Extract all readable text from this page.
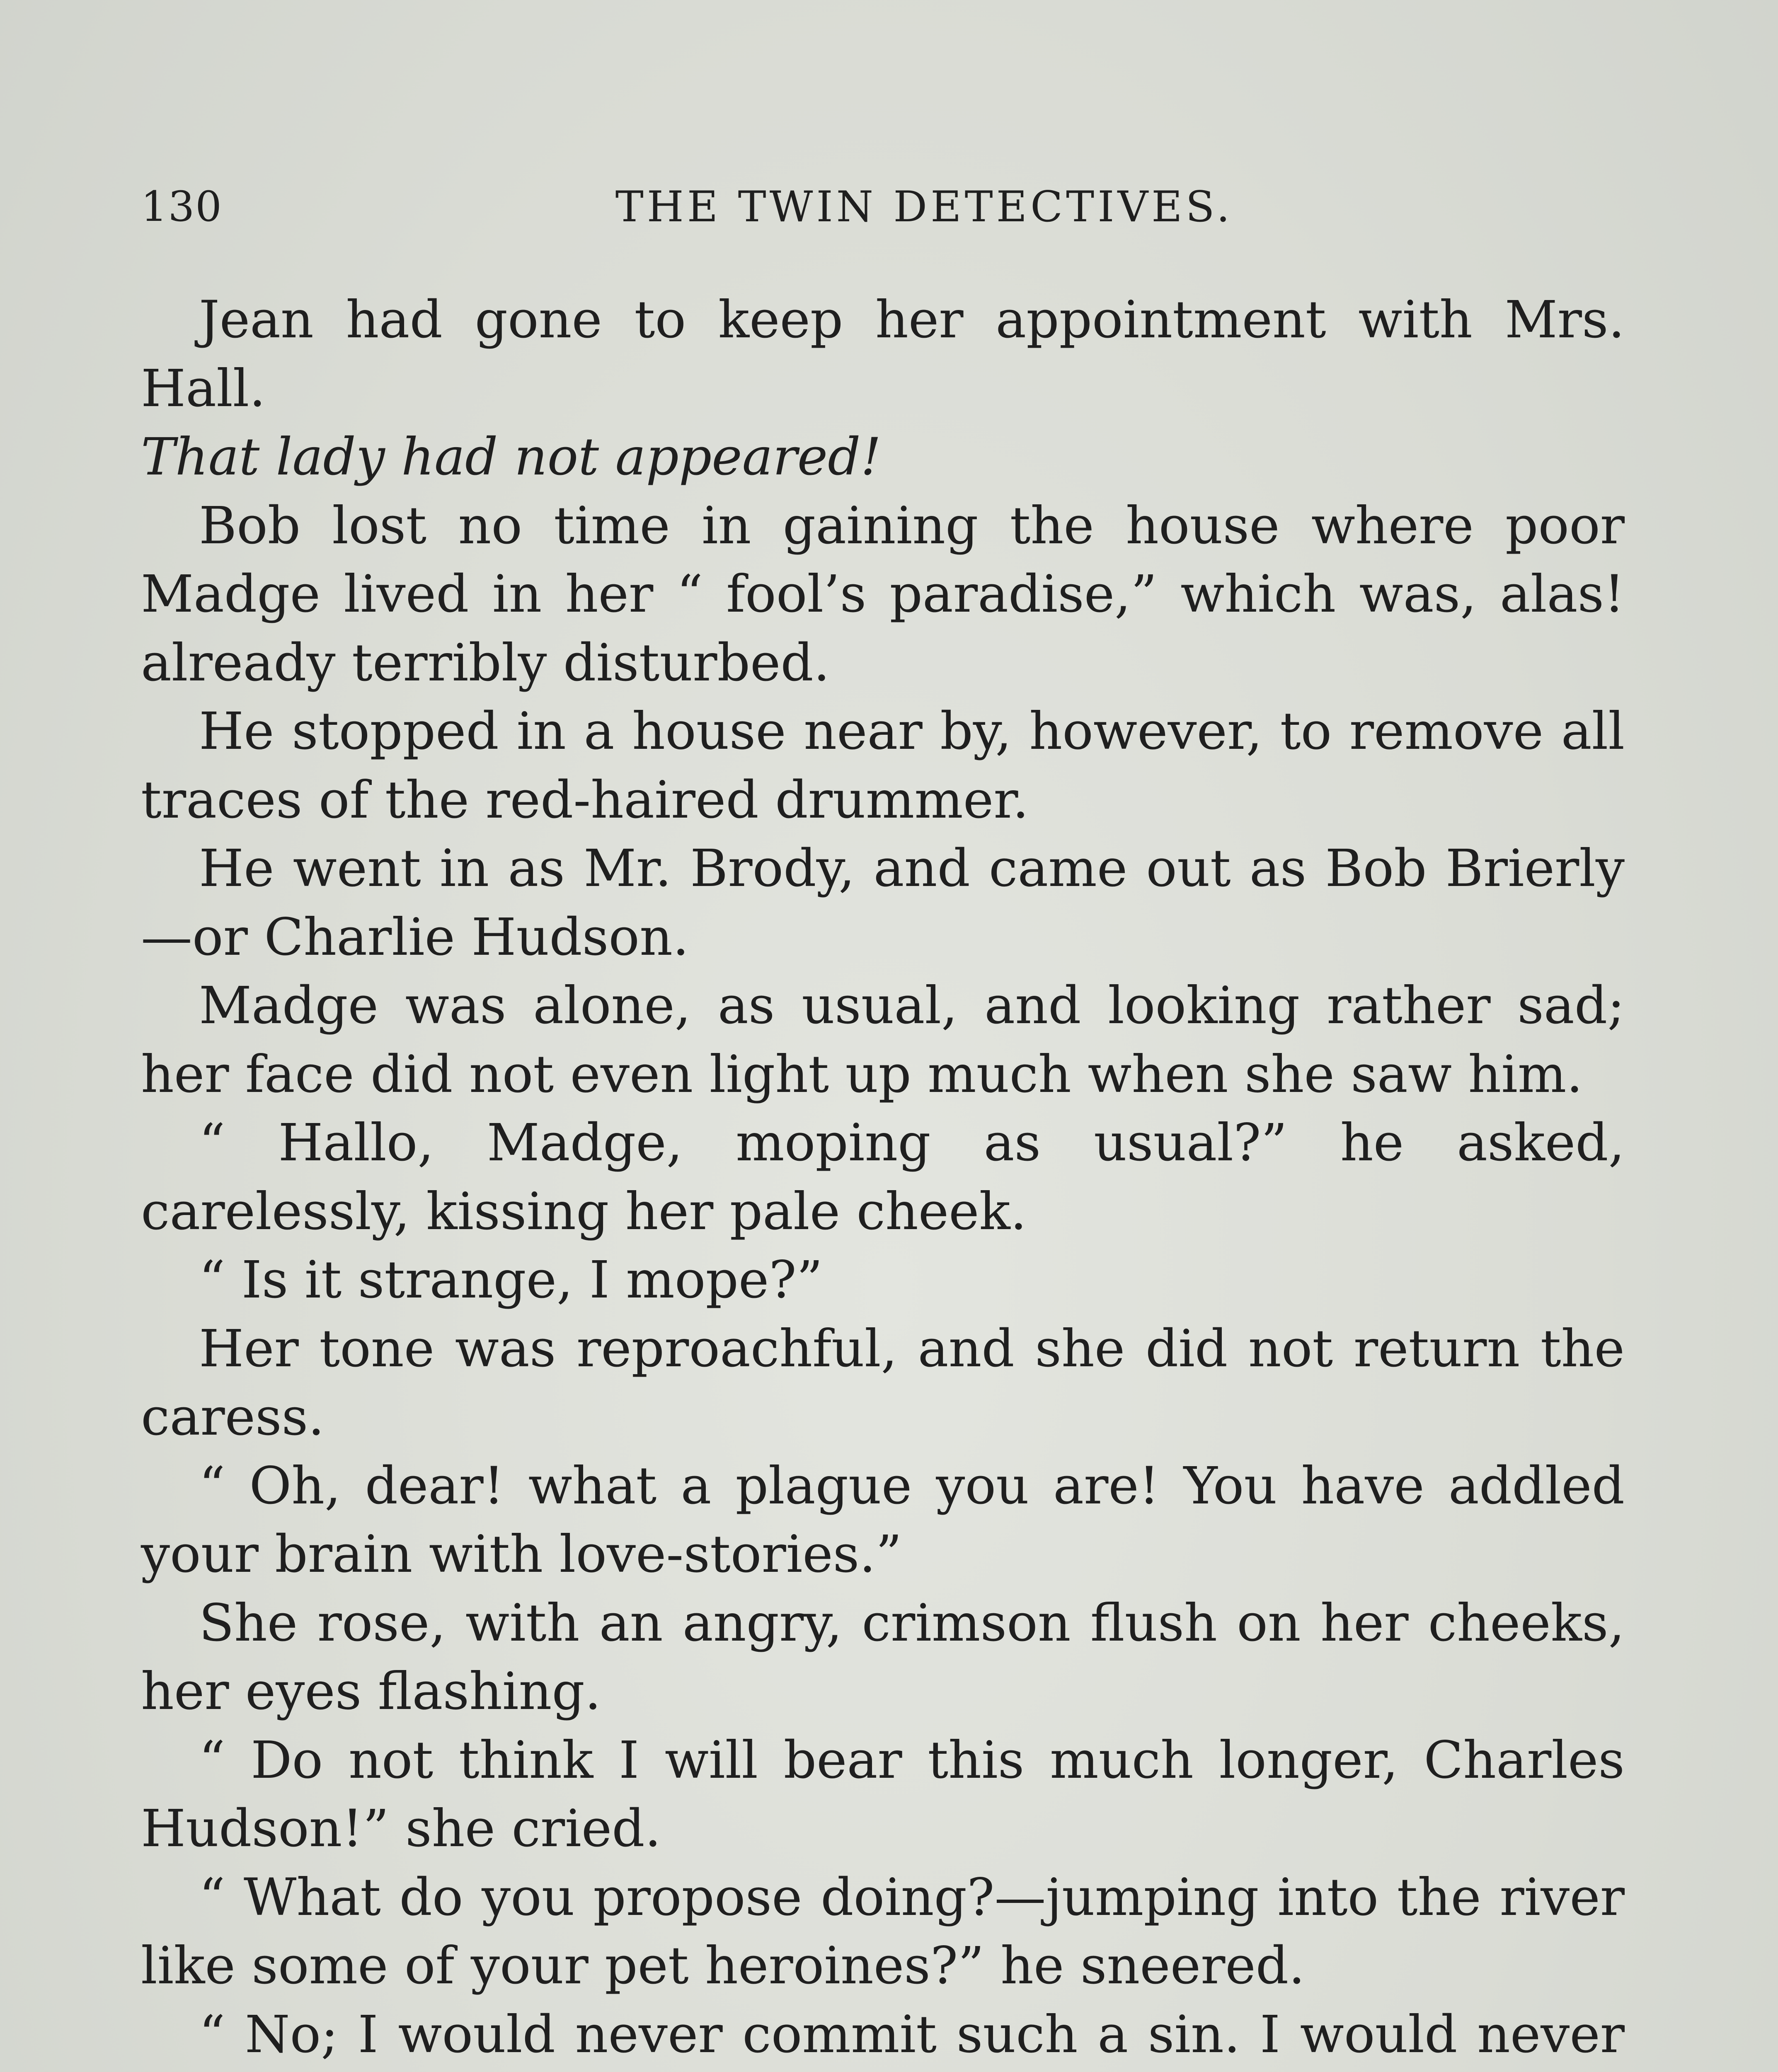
130	THE TWIN DETECTIVES.

Jean had gone to keep her appointment with Mrs. Hall.

That lady had not appeared!

Bob lost no time in gaining the house where poor Madge lived in her “ fool’s paradise,” which was, alas! already terribly disturbed.

He stopped in a house near by, however, to remove all traces of the red-haired drummer.

He went in as Mr. Brody, and came out as Bob Brierly—or Charlie Hudson.

Madge was alone, as usual, and looking rather sad; her face did not even light up much when she saw him.

“ Hallo, Madge, moping as usual?” he asked, carelessly, kissing her pale cheek.

“ Is it strange, I mope?”

Her tone was reproachful, and she did not return the caress.

“ Oh, dear! what a plague you are! You have addled your brain with love-stories.”

She rose, with an angry, crimson flush on her cheeks, her eyes flashing.

“ Do not think I will bear this much longer, Charles Hudson!” she cried.

“ What do you propose doing?—jumping into the river like some of your pet heroines?” he sneered.

“ No; I would never commit such a sin. I would never
